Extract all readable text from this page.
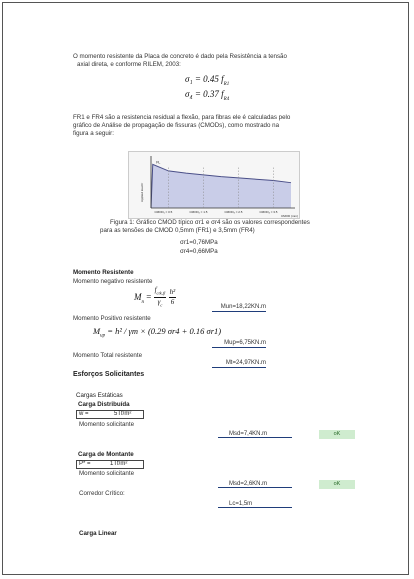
O momento resistente da Placa de concreto é dado pela Resistência a tensão
axial direta, e conforme RILEM, 2003:
σ₁ = 0.45 $f_{R1}$
σ₄ = 0.37 $f_{R4}$
FR1 e FR4 são a resistencia residual a flexão, para fibras ele é calculadas pelo
gráfico de Análise de propagação de fissuras (CMODs), como mostrado na
figura a seguir:
FL
CMOD₁ = 0.5	CMOD₂ = 1.5	CMOD₃ = 2.5	CMOD₄ = 3.5
CMOD (mm)
Applied load F
Figura 1: Gráfico CMOD típico σr1 e σr4 são os valores correspondentes
para as tensões de CMOD 0,5mm (FR1) e 3,5mm (FR4)
σr1=0,76MPa
σr4=0,66MPa
Momento Resistente
Momento negativo resistente
$M_n = \frac{f_{ctk,fl}}{\gamma_c}$
$\frac{\text{h²}}{6}$	Mun=18,22KN.m
Momento Positivo resistente
$M_{up} = h^2 / \gamma m \times (0.29$ σr4 + 0.16 σr1)
Mup=6,75KN.m
Momento Total resistente
Mt=24,97KN.m
Esforços Solicitantes
Cargas Estáticas
Carga Distribuída
w =	5Tf/m²
Momento solicitante
Msd=7,4KN.m	oK
Carga de Montante
P* =	1Tf/m²
Momento solicitante
Msd=2,6KN.m	oK
Corredor Crítico:
Lc=1,5m
Carga Linear
